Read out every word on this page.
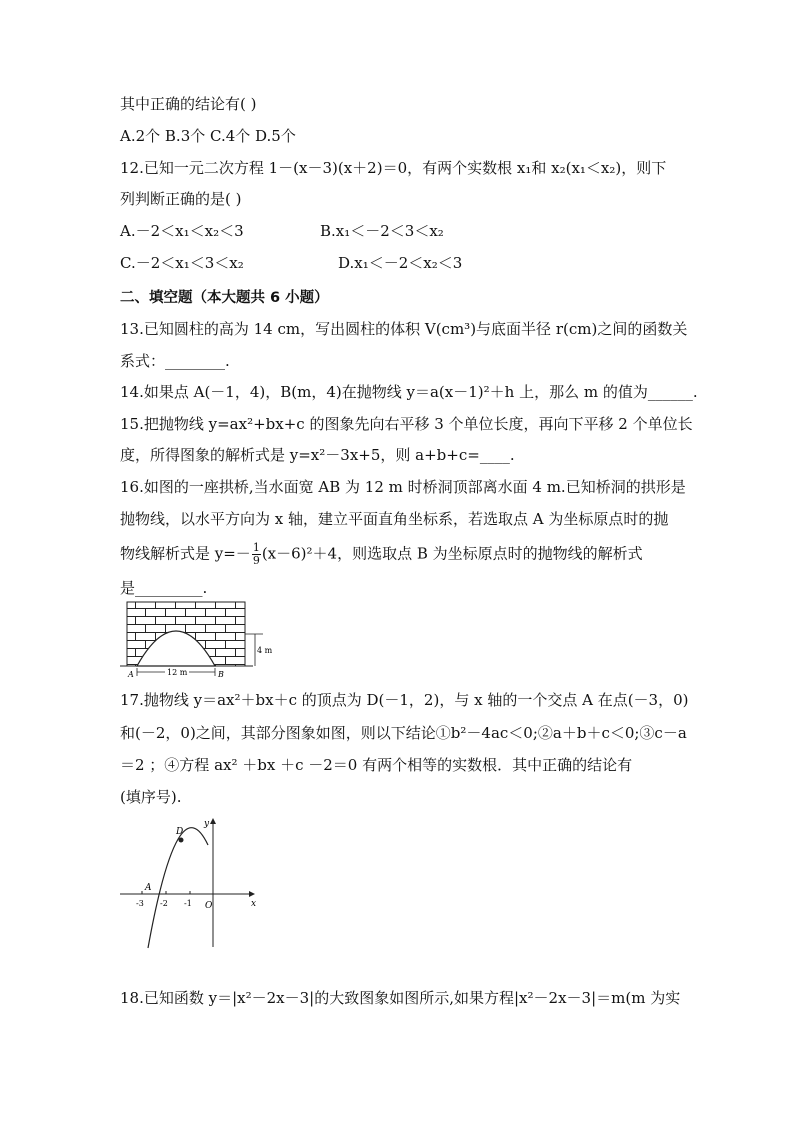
其中正确的结论有( )
A.2个 B.3个 C.4个 D.5个
12.已知一元二次方程 1－(x－3)(x＋2)＝0，有两个实数根 x₁和 x₂(x₁＜x₂)，则下
列判断正确的是( )
A.－2＜x₁＜x₂＜3	B.x₁＜－2＜3＜x₂
C.－2＜x₁＜3＜x₂	D.x₁＜－2＜x₂＜3
二、填空题（本大题共 6 小题）
13.已知圆柱的高为 14 cm，写出圆柱的体积 V(cm³)与底面半径 r(cm)之间的函数关
系式：________.
14.如果点 A(－1，4)，B(m，4)在抛物线 y＝a(x－1)²＋h 上，那么 m 的值为______.
15.把抛物线 y=ax²+bx+c 的图象先向右平移 3 个单位长度，再向下平移 2 个单位长
度，所得图象的解析式是 y=x²－3x+5，则 a+b+c=____.
16.如图的一座拱桥,当水面宽 AB 为 12 m 时桥洞顶部离水面 4 m.已知桥洞的拱形是
抛物线，以水平方向为 x 轴，建立平面直角坐标系，若选取点 A 为坐标原点时的抛
物线解析式是 $y=- \frac{1}{9} (x-6)^2+4$，则选取点 B 为坐标原点时的抛物线的解析式
是_________.
A	B
12 m
4 m
17.抛物线 y＝ax²＋bx＋c 的顶点为 D(－1，2)，与 x 轴的一个交点 A 在点(－3，0)
和(－2，0)之间，其部分图象如图，则以下结论①b²－4ac＜0;②a＋b＋c＜0;③c－a
＝2 ；④方程 ax² ＋bx ＋c －2＝0 有两个相等的实数根．其中正确的结论有
(填序号).
D
A
y
x
O
-3 -2 -1
18.已知函数 y＝|x²－2x－3|的大致图象如图所示,如果方程|x²－2x－3|＝m(m 为实
